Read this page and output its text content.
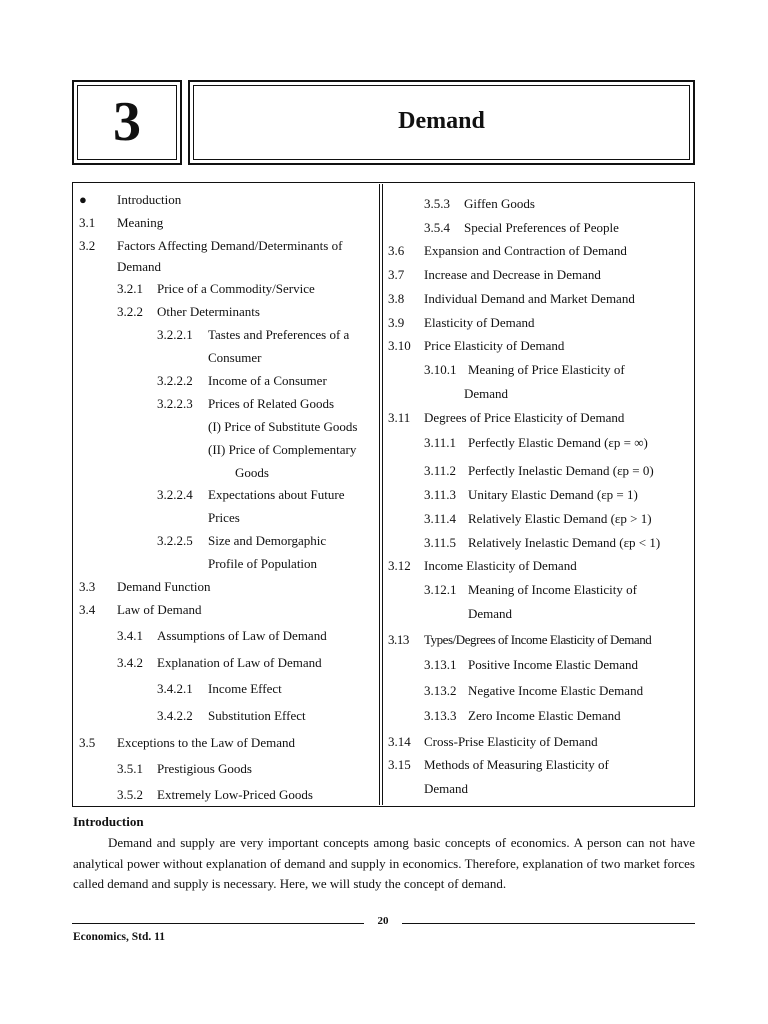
3	Demand
● Introduction
3.1 Meaning
3.2 Factors Affecting Demand/Determinants of
Demand
3.2.1 Price of a Commodity/Service
3.2.2 Other Determinants
3.2.2.1 Tastes and Preferences of a
Consumer
3.2.2.2 Income of a Consumer
3.2.2.3 Prices of Related Goods
(I) Price of Substitute Goods
(II) Price of Complementary
Goods
3.2.2.4 Expectations about Future
Prices
3.2.2.5 Size and Demorgaphic
Profile of Population
3.3 Demand Function
3.4 Law of Demand
3.4.1 Assumptions of Law of Demand
3.4.2 Explanation of Law of Demand
3.4.2.1 Income Effect
3.4.2.2 Substitution Effect
3.5 Exceptions to the Law of Demand
3.5.1 Prestigious Goods
3.5.2 Extremely Low-Priced Goods
3.5.3 Giffen Goods
3.5.4 Special Preferences of People
3.6 Expansion and Contraction of Demand
3.7 Increase and Decrease in Demand
3.8 Individual Demand and Market Demand
3.9 Elasticity of Demand
3.10 Price Elasticity of Demand
3.10.1 Meaning of Price Elasticity of
Demand
3.11 Degrees of Price Elasticity of Demand
3.11.1 Perfectly Elastic Demand (εp = ∞)
3.11.2 Perfectly Inelastic Demand (εp = 0)
3.11.3 Unitary Elastic Demand (εp = 1)
3.11.4 Relatively Elastic Demand (εp > 1)
3.11.5 Relatively Inelastic Demand (εp < 1)
3.12 Income Elasticity of Demand
3.12.1 Meaning of Income Elasticity of
Demand
3.13 Types/Degrees of Income Elasticity of Demand
3.13.1 Positive Income Elastic Demand
3.13.2 Negative Income Elastic Demand
3.13.3 Zero Income Elastic Demand
3.14 Cross-Prise Elasticity of Demand
3.15 Methods of Measuring Elasticity of
Demand
Introduction
Demand and supply are very important concepts among basic concepts of economics. A person can not have analytical power without explanation of demand and supply in economics. Therefore, explanation of two market forces called demand and supply is necessary. Here, we will study the concept of demand.
20
Economics, Std. 11
